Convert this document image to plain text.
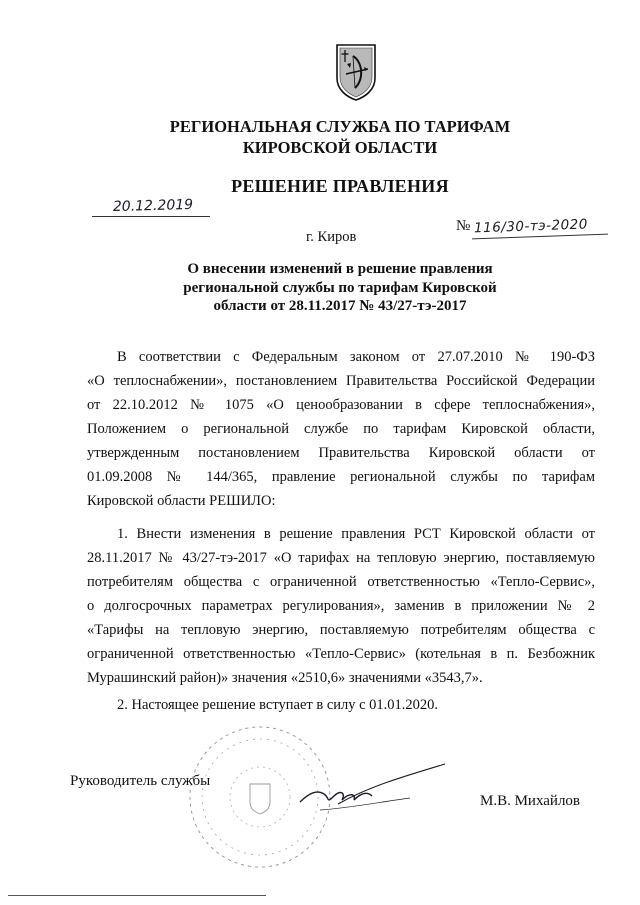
РЕГИОНАЛЬНАЯ СЛУЖБА ПО ТАРИФАМ
КИРОВСКОЙ ОБЛАСТИ
РЕШЕНИЕ ПРАВЛЕНИЯ
20.12.2019
г. Киров
№ 116/30-тэ-2020
О внесении изменений в решение правления
региональной службы по тарифам Кировской
области от 28.11.2017 № 43/27-тэ-2017
В соответствии с Федеральным законом от 27.07.2010 № 190-ФЗ
«О теплоснабжении», постановлением Правительства Российской Федерации
от 22.10.2012 № 1075 «О ценообразовании в сфере теплоснабжения»,
Положением о региональной службе по тарифам Кировской области,
утвержденным постановлением Правительства Кировской области от
01.09.2008 № 144/365, правление региональной службы по тарифам
Кировской области РЕШИЛО:
1. Внести изменения в решение правления РСТ Кировской области от
28.11.2017 № 43/27-тэ-2017 «О тарифах на тепловую энергию, поставляемую
потребителям общества с ограниченной ответственностью «Тепло-Сервис»,
о долгосрочных параметрах регулирования», заменив в приложении № 2
«Тарифы на тепловую энергию, поставляемую потребителям общества с
ограниченной ответственностью «Тепло-Сервис» (котельная в п. Безбожник
Мурашинский район)» значения «2510,6» значениями «3543,7».
2. Настоящее решение вступает в силу с 01.01.2020.
Руководитель службы
М.В. Михайлов
